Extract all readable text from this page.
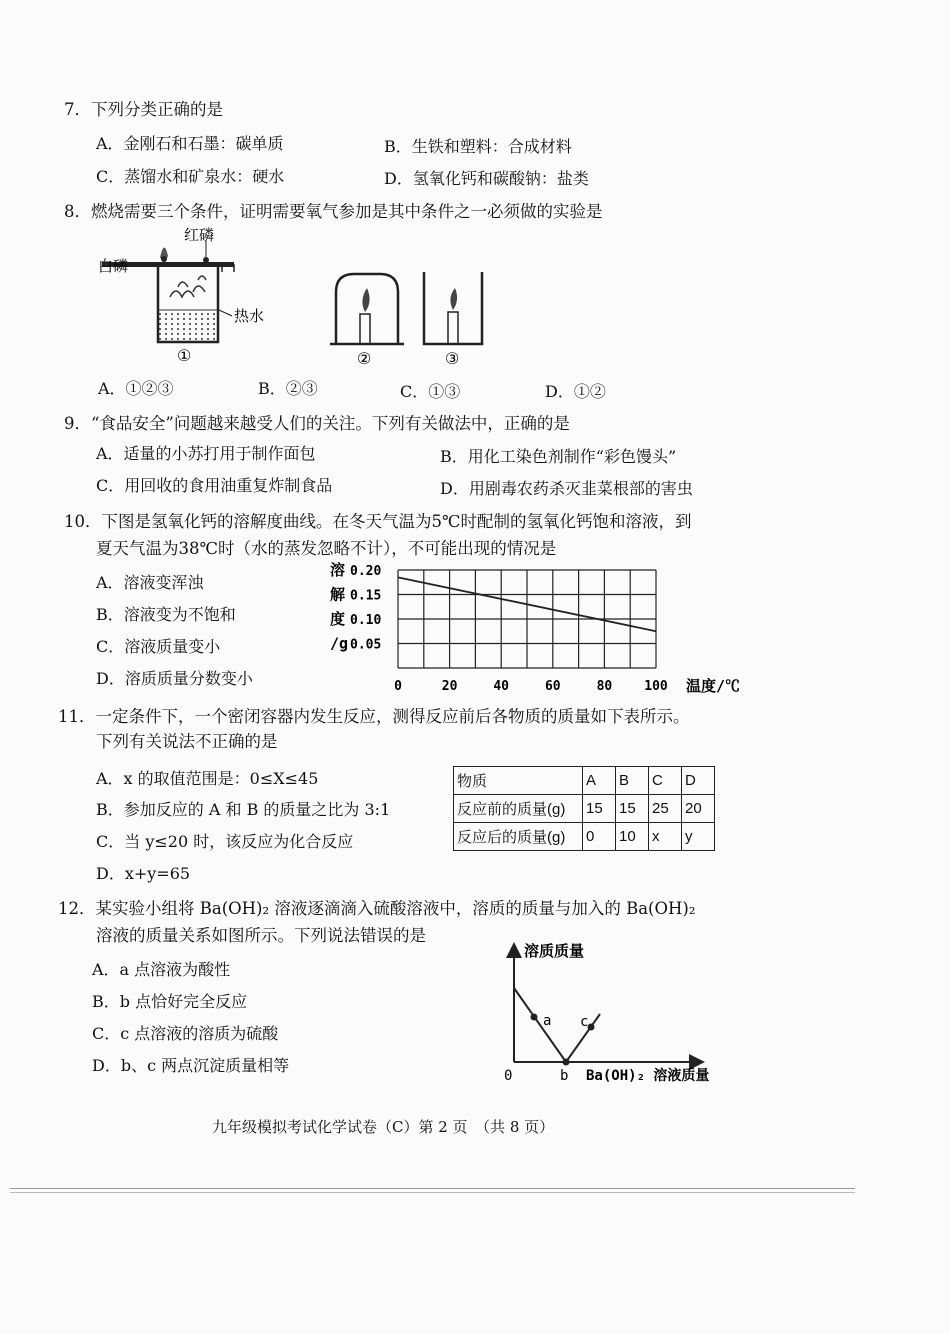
7．下列分类正确的是
A．金刚石和石墨：碳单质	B．生铁和塑料：合成材料
C．蒸馏水和矿泉水：硬水	D．氢氧化钙和碳酸钠：盐类
8．燃烧需要三个条件，证明需要氧气参加是其中条件之一必须做的实验是
红磷
白磷
热水
①	②	③
A．①②③	B．②③	C．①③	D．①②
9．“食品安全”问题越来越受人们的关注。下列有关做法中，正确的是
A．适量的小苏打用于制作面包	B．用化工染色剂制作“彩色馒头”
C．用回收的食用油重复炸制食品	D．用剧毒农药杀灭韭菜根部的害虫
10．下图是氢氧化钙的溶解度曲线。在冬天气温为5℃时配制的氢氧化钙饱和溶液，到
夏天气温为38℃时（水的蒸发忽略不计），不可能出现的情况是
A．溶液变浑浊
B．溶液变为不饱和
C．溶液质量变小
D．溶质质量分数变小
溶 0.20
解 0.15
度 0.10
/g 0.05
0	20	40	60	80 100 温度/℃
11．一定条件下，一个密闭容器内发生反应，测得反应前后各物质的质量如下表所示。
下列有关说法不正确的是
A．x 的取值范围是：0≤X≤45
B．参加反应的 A 和 B 的质量之比为 3:1
C．当 y≤20 时，该反应为化合反应
D．x+y=65
物质	A	B	C	D
反应前的质量(g)	15	15	25	20
反应后的质量(g)	0	10	x	y
12．某实验小组将 Ba(OH)₂ 溶液逐滴滴入硫酸溶液中，溶质的质量与加入的 Ba(OH)₂
溶液的质量关系如图所示。下列说法错误的是
A．a 点溶液为酸性
B．b 点恰好完全反应
C．c 点溶液的溶质为硫酸
D．b、c 两点沉淀质量相等
溶质质量
0
a
b
c
Ba(OH)₂ 溶液质量
九年级模拟考试化学试卷（C）第 2 页　（共 8 页）
